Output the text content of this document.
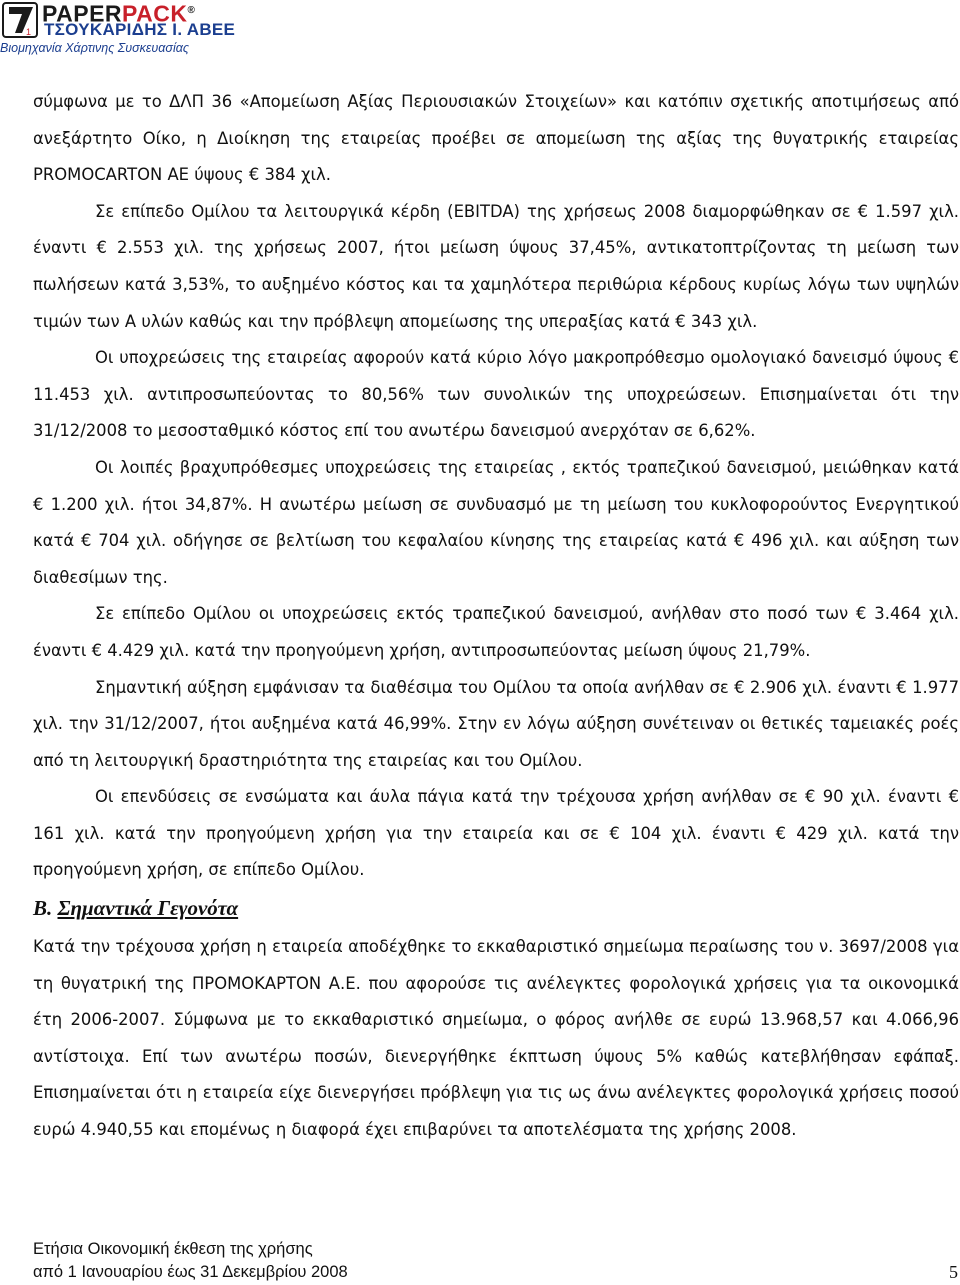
1
PAPERPACK®
ΤΣΟΥΚΑΡΙΔΗΣ Ι. ΑΒΕΕ
Βιομηχανία Χάρτινης Συσκευασίας

σύμφωνα με το ΔΛΠ 36 «Απομείωση Αξίας Περιουσιακών Στοιχείων» και κατόπιν σχετικής αποτιμήσεως από ανεξάρτητο Οίκο, η Διοίκηση της εταιρείας προέβει σε απομείωση της αξίας της θυγατρικής εταιρείας PROMOCARTON AE ύψους € 384 χιλ.

Σε επίπεδο Ομίλου τα λειτουργικά κέρδη (EBITDA) της χρήσεως 2008 διαμορφώθηκαν σε € 1.597 χιλ. έναντι € 2.553 χιλ. της χρήσεως 2007, ήτοι μείωση ύψους 37,45%, αντικατοπτρίζοντας τη μείωση των πωλήσεων κατά 3,53%, το αυξημένο κόστος και τα χαμηλότερα περιθώρια κέρδους κυρίως λόγω των υψηλών τιμών των Α υλών καθώς και την πρόβλεψη απομείωσης της υπεραξίας κατά € 343 χιλ.

Οι υποχρεώσεις της εταιρείας αφορούν κατά κύριο λόγο μακροπρόθεσμο ομολογιακό δανεισμό ύψους € 11.453 χιλ. αντιπροσωπεύοντας το 80,56% των συνολικών της υποχρεώσεων. Επισημαίνεται ότι την 31/12/2008 το μεσοσταθμικό κόστος επί του ανωτέρω δανεισμού ανερχόταν σε 6,62%.

Οι λοιπές βραχυπρόθεσμες υποχρεώσεις της εταιρείας , εκτός τραπεζικού δανεισμού, μειώθηκαν κατά € 1.200 χιλ. ήτοι 34,87%. Η ανωτέρω μείωση σε συνδυασμό με τη μείωση του κυκλοφορούντος Ενεργητικού κατά € 704 χιλ. οδήγησε σε βελτίωση του κεφαλαίου κίνησης της εταιρείας κατά € 496 χιλ. και αύξηση των διαθεσίμων της.

Σε επίπεδο Ομίλου οι υποχρεώσεις εκτός τραπεζικού δανεισμού, ανήλθαν στο ποσό των € 3.464 χιλ. έναντι € 4.429 χιλ. κατά την προηγούμενη χρήση, αντιπροσωπεύοντας μείωση ύψους 21,79%.

Σημαντική αύξηση εμφάνισαν τα διαθέσιμα του Ομίλου τα οποία ανήλθαν σε € 2.906 χιλ. έναντι € 1.977 χιλ. την 31/12/2007, ήτοι αυξημένα κατά 46,99%. Στην εν λόγω αύξηση συνέτειναν οι θετικές ταμειακές ροές από τη λειτουργική δραστηριότητα της εταιρείας και του Ομίλου.

Οι επενδύσεις σε ενσώματα και άυλα πάγια κατά την τρέχουσα χρήση ανήλθαν σε € 90 χιλ. έναντι € 161 χιλ. κατά την προηγούμενη χρήση για την εταιρεία και σε € 104 χιλ. έναντι € 429 χιλ. κατά την προηγούμενη χρήση, σε επίπεδο Ομίλου.

Β. Σημαντικά Γεγονότα

Κατά την τρέχουσα χρήση η εταιρεία αποδέχθηκε το εκκαθαριστικό σημείωμα περαίωσης του ν. 3697/2008 για τη θυγατρική της ΠΡΟΜΟΚΑΡΤΟΝ Α.Ε. που αφορούσε τις ανέλεγκτες φορολογικά χρήσεις για τα οικονομικά έτη 2006-2007. Σύμφωνα με το εκκαθαριστικό σημείωμα, ο φόρος ανήλθε σε ευρώ 13.968,57 και 4.066,96 αντίστοιχα. Επί των ανωτέρω ποσών, διενεργήθηκε έκπτωση ύψους 5% καθώς κατεβλήθησαν εφάπαξ. Επισημαίνεται ότι η εταιρεία είχε διενεργήσει πρόβλεψη για τις ως άνω ανέλεγκτες φορολογικά χρήσεις ποσού ευρώ 4.940,55 και επομένως η διαφορά έχει επιβαρύνει τα αποτελέσματα της χρήσης 2008.

Ετήσια Οικονομική έκθεση της χρήσης
από 1 Ιανουαρίου έως 31 Δεκεμβρίου 2008	5
